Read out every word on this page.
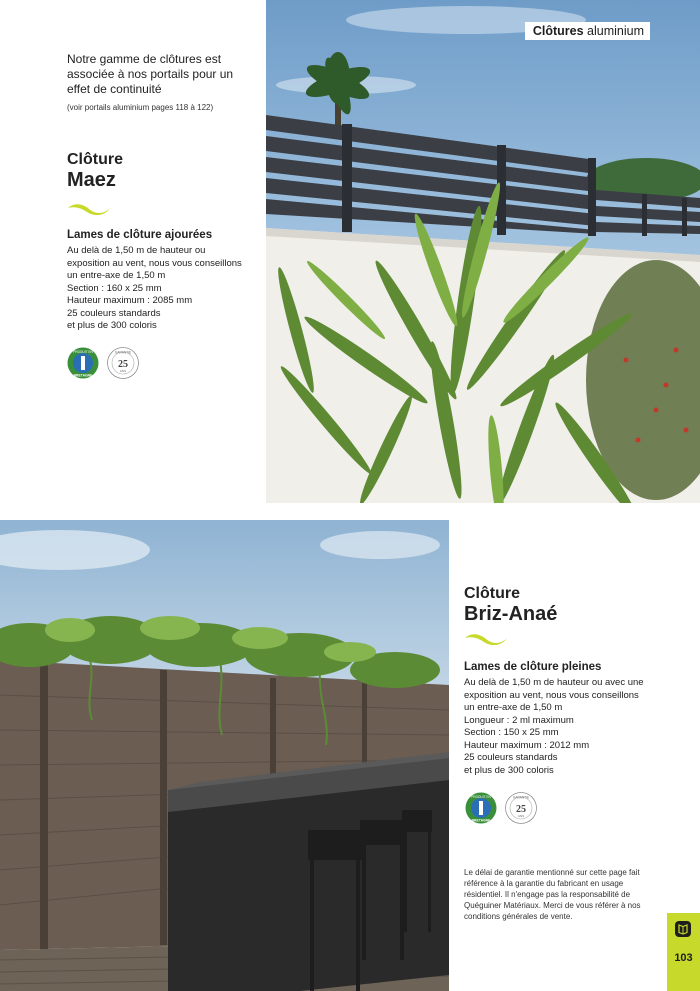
Clôtures aluminium
Notre gamme de clôtures est associée à nos portails pour un effet de continuité
(voir portails aluminium pages 118 à 122)
Clôture
Maez
Lames de clôture ajourées
Au delà de 1,50 m de hauteur ou
exposition au vent, nous vous conseillons
un entre-axe de 1,50 m
Section : 160 x 25 mm
Hauteur maximum : 2085 mm
25 couleurs standards
et plus de 300 coloris
PRODUIT EN
BRETAGNE
GARANTIE
25
ANS
Clôture
Briz-Anaé
Lames de clôture pleines
Au delà de 1,50 m de hauteur ou avec une
exposition au vent, nous vous conseillons
un entre-axe de 1,50 m
Longueur : 2 ml maximum
Section : 150 x 25 mm
Hauteur maximum : 2012 mm
25 couleurs standards
et plus de 300 coloris
PRODUIT EN
BRETAGNE
GARANTIE
25
ANS
Le délai de garantie mentionné sur cette page fait référence à la garantie du fabricant en usage résidentiel. Il n'engage pas la responsabilité de Quéguiner Matériaux. Merci de vous référer à nos conditions générales de vente.
103
